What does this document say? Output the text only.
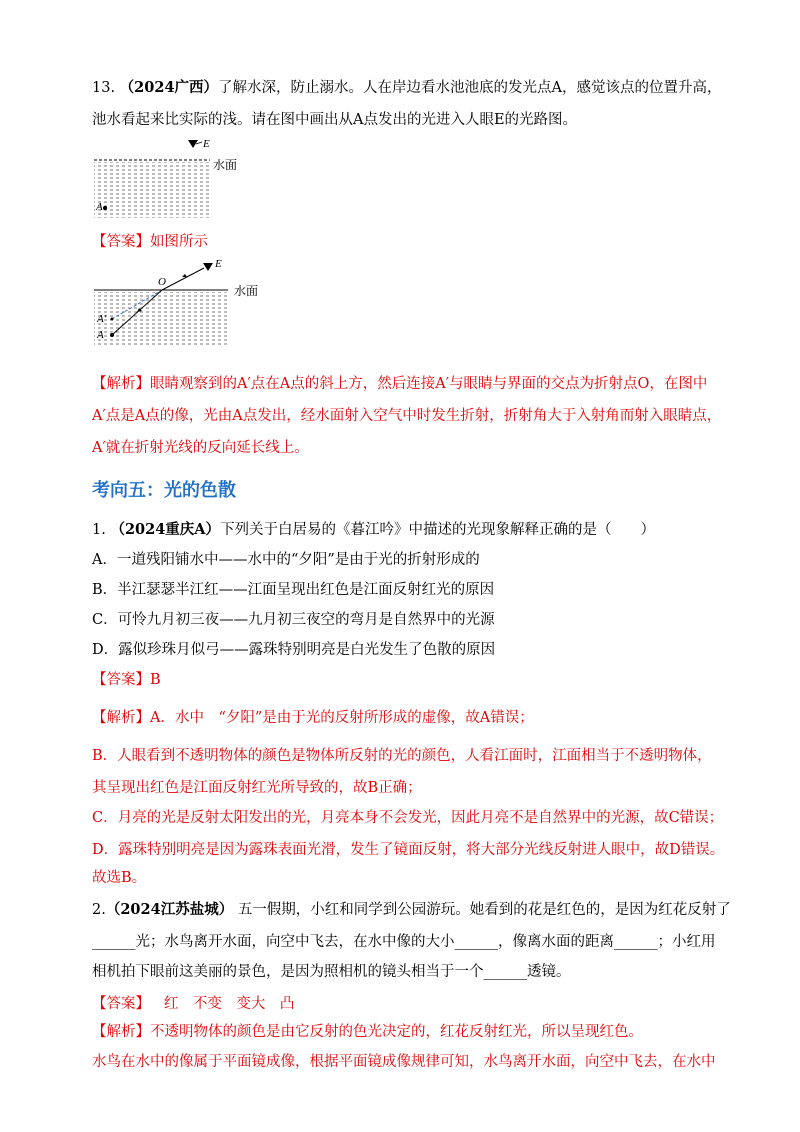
13. （2024广西）了解水深，防止溺水。人在岸边看水池池底的发光点A，感觉该点的位置升高，
池水看起来比实际的浅。请在图中画出从A点发出的光进入人眼E的光路图。
E
水面
A
【答案】如图所示
E
水面
O
A′
A
【解析】眼睛观察到的A′点在A点的斜上方，然后连接A′与眼睛与界面的交点为折射点O，在图中
A′点是A点的像，光由A点发出，经水面射入空气中时发生折射，折射角大于入射角而射入眼睛点，
A′就在折射光线的反向延长线上。
考向五：光的色散
1. （2024重庆A）下列关于白居易的《暮江吟》中描述的光现象解释正确的是（　　）
A．一道残阳铺水中——水中的“夕阳”是由于光的折射形成的
B．半江瑟瑟半江红——江面呈现出红色是江面反射红光的原因
C．可怜九月初三夜——九月初三夜空的弯月是自然界中的光源
D．露似珍珠月似弓——露珠特别明亮是白光发生了色散的原因
【答案】B
【解析】A．水中　“夕阳”是由于光的反射所形成的虚像，故A错误；
B．人眼看到不透明物体的颜色是物体所反射的光的颜色，人看江面时，江面相当于不透明物体，
其呈现出红色是江面反射红光所导致的，故B正确；
C．月亮的光是反射太阳发出的光，月亮本身不会发光，因此月亮不是自然界中的光源，故C错误；
D．露珠特别明亮是因为露珠表面光滑，发生了镜面反射，将大部分光线反射进人眼中，故D错误。
故选B。
2.（2024江苏盐城） 五一假期，小红和同学到公园游玩。她看到的花是红色的，是因为红花反射了
______光；水鸟离开水面，向空中飞去，在水中像的大小______，像离水面的距离______；小红用
相机拍下眼前这美丽的景色，是因为照相机的镜头相当于一个______透镜。
【答案】 红　不变　变大　凸
【解析】不透明物体的颜色是由它反射的色光决定的，红花反射红光，所以呈现红色。
水鸟在水中的像属于平面镜成像，根据平面镜成像规律可知，水鸟离开水面，向空中飞去，在水中
